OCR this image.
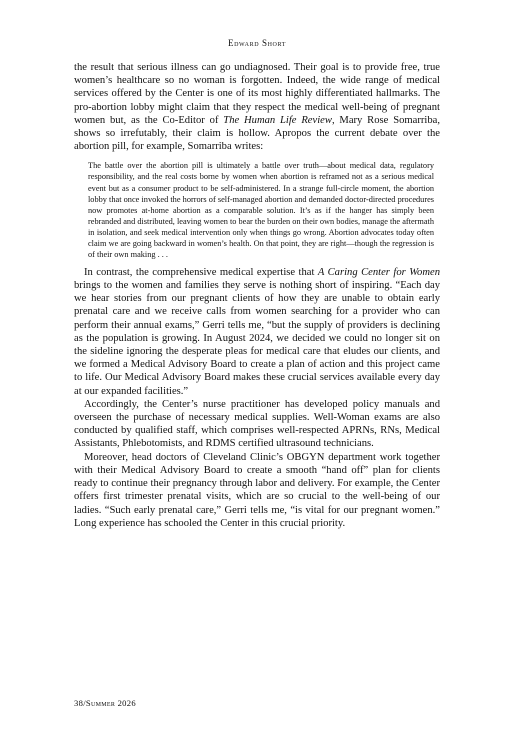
Edward Short

the result that serious illness can go undiagnosed. Their goal is to provide free, true women’s healthcare so no woman is forgotten. Indeed, the wide range of medical services offered by the Center is one of its most highly differentiated hallmarks. The pro-abortion lobby might claim that they respect the medical well-being of pregnant women but, as the Co-Editor of The Human Life Review, Mary Rose Somarriba, shows so irrefutably, their claim is hollow. Apropos the current debate over the abortion pill, for example, Somarriba writes:

The battle over the abortion pill is ultimately a battle over truth—about medical data, regulatory responsibility, and the real costs borne by women when abortion is reframed not as a serious medical event but as a consumer product to be self-administered. In a strange full-circle moment, the abortion lobby that once invoked the horrors of self-managed abortion and demanded doctor-directed procedures now promotes at-home abortion as a comparable solution. It’s as if the hanger has simply been rebranded and distributed, leaving women to bear the burden on their own bodies, manage the aftermath in isolation, and seek medical intervention only when things go wrong. Abortion advocates today often claim we are going backward in women’s health. On that point, they are right—though the regression is of their own making . . .

In contrast, the comprehensive medical expertise that A Caring Center for Women brings to the women and families they serve is nothing short of inspiring. “Each day we hear stories from our pregnant clients of how they are unable to obtain early prenatal care and we receive calls from women searching for a provider who can perform their annual exams,” Gerri tells me, “but the supply of providers is declining as the population is growing. In August 2024, we decided we could no longer sit on the sideline ignoring the desperate pleas for medical care that eludes our clients, and we formed a Medical Advisory Board to create a plan of action and this project came to life. Our Medical Advisory Board makes these crucial services available every day at our expanded facilities.”

Accordingly, the Center’s nurse practitioner has developed policy manuals and overseen the purchase of necessary medical supplies. Well-Woman exams are also conducted by qualified staff, which comprises well-respected APRNs, RNs, Medical Assistants, Phlebotomists, and RDMS certified ultrasound technicians.

Moreover, head doctors of Cleveland Clinic’s OBGYN department work together with their Medical Advisory Board to create a smooth “hand off” plan for clients ready to continue their pregnancy through labor and delivery. For example, the Center offers first trimester prenatal visits, which are so crucial to the well-being of our ladies. “Such early prenatal care,” Gerri tells me, “is vital for our pregnant women.” Long experience has schooled the Center in this crucial priority.

38/Summer 2026
